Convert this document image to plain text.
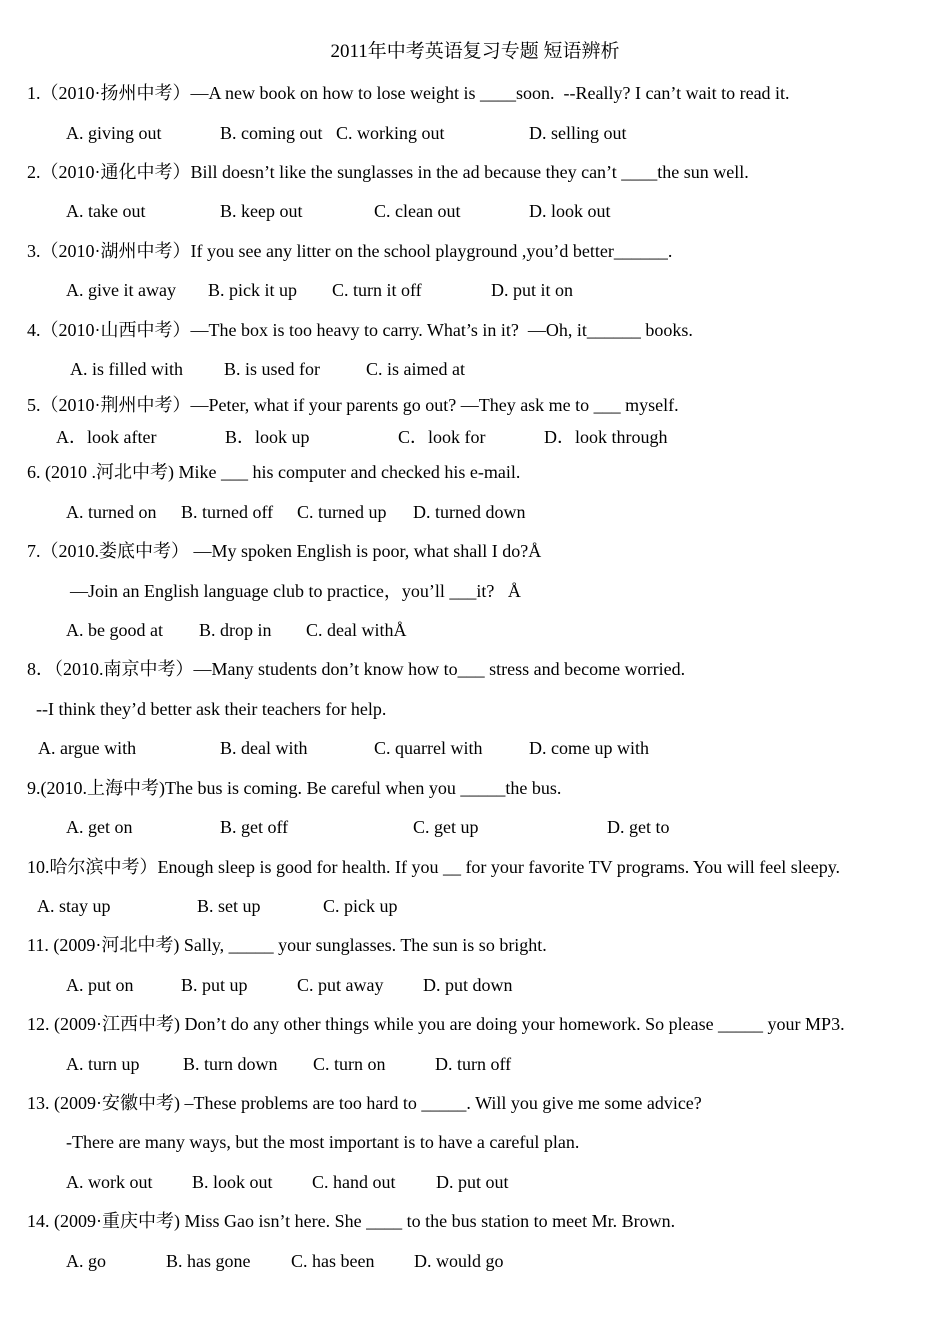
2011年中考英语复习专题 短语辨析
1.（2010·扬州中考）—A new book on how to lose weight is ____soon.  --Really? I can’t wait to read it.
A. giving out	B. coming out C. working out	D. selling out
2.（2010·通化中考）Bill doesn’t like the sunglasses in the ad because they can’t ____the sun well.
A. take out	B. keep out	C. clean out	D. look out
3.（2010·湖州中考）If you see any litter on the school playground ,you’d better______.
A. give it away B. pick it up C. turn it off	D. put it on
4.（2010·山西中考）—The box is too heavy to carry. What’s in it?  —Oh, it______ books.
A. is filled with B. is used for	C. is aimed at
5.（2010·荆州中考）—Peter, what if your parents go out? —They ask me to ___ myself.
A．look after	B．look up	C．look for	D．look through
6. (2010 .河北中考) Mike ___ his computer and checked his e-mail.
A. turned on B. turned off C. turned up D. turned down
7.（2010.娄底中考） —My spoken English is poor, what shall I do?Å
—Join an English language club to practice，you’ll ___it?   Å
A. be good at B. drop in C. deal withÅ
8．（2010.南京中考）—Many students don’t know how to___ stress and become worried.
--I think they’d better ask their teachers for help.
A. argue with	B. deal with	C. quarrel with	D. come up with
9.(2010.上海中考)The bus is coming. Be careful when you _____the bus.
A. get on	B. get off	C. get up	D. get to
10.哈尔滨中考）Enough sleep is good for health. If you __ for your favorite TV programs. You will feel sleepy.
A. stay up	B. set up	C. pick up
11. (2009·河北中考) Sally, _____ your sunglasses. The sun is so bright.
A. put on	B. put up	C. put away D. put down
12. (2009·江西中考) Don’t do any other things while you are doing your homework. So please _____ your MP3.
A. turn up B. turn down C. turn on	D. turn off
13. (2009·安徽中考) –These problems are too hard to _____. Will you give me some advice?
-There are many ways, but the most important is to have a careful plan.
A. work out B. look out C. hand out D. put out
14. (2009·重庆中考) Miss Gao isn’t here. She ____ to the bus station to meet Mr. Brown.
A. go	B. has gone C. has been D. would go
